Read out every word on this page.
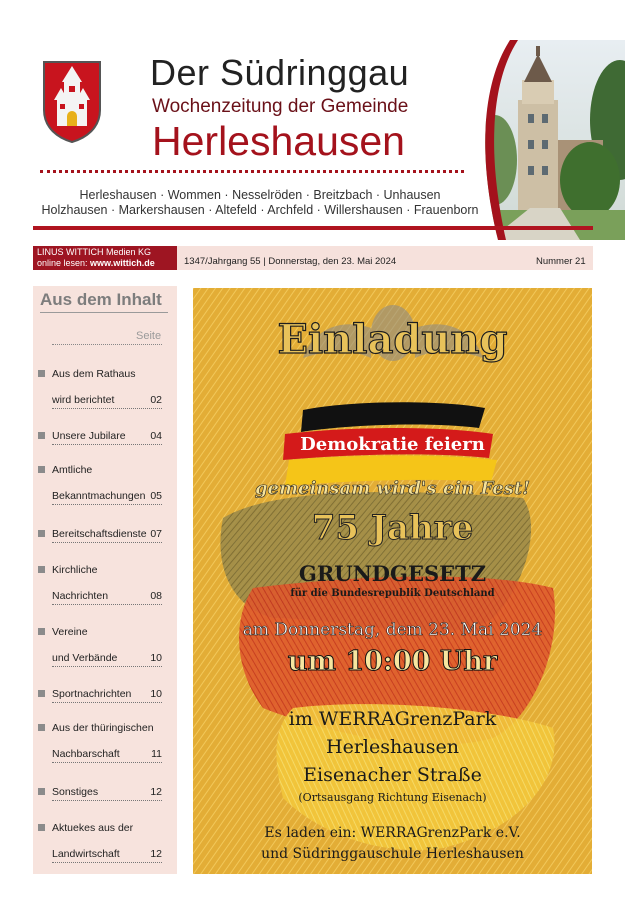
Der Südringgau
Wochenzeitung der Gemeinde
Herleshausen
Herleshausen · Wommen · Nesselröden · Breitzbach · Unhausen
Holzhausen · Markershausen · Altefeld · Archfeld · Willershausen · Frauenborn
LINUS WITTICH Medien KG
online lesen: www.wittich.de	1347/Jahrgang 55 | Donnerstag, den 23. Mai 2024	Nummer 21
Aus dem Inhalt
Seite
Aus dem Rathaus
wird berichtet	02
Unsere Jubilare 04
Amtliche
Bekanntmachungen 05
Bereitschaftsdienste 07
Kirchliche
Nachrichten	08
Vereine
und Verbände	10
Sportnachrichten 10
Aus der thüringischen
Nachbarschaft	11
Sonstiges	12
Aktuekes aus der
Landwirtschaft	12
Einladung
Demokratie feiern
gemeinsam wird's ein Fest!
75 Jahre
GRUNDGESETZ
für die Bundesrepublik Deutschland
am Donnerstag, dem 23. Mai 2024
um 10:00 Uhr
im WERRAGrenzPark
Herleshausen
Eisenacher Straße
(Ortsausgang Richtung Eisenach)
Es laden ein: WERRAGrenzPark e.V.
und Südringgauschule Herleshausen
